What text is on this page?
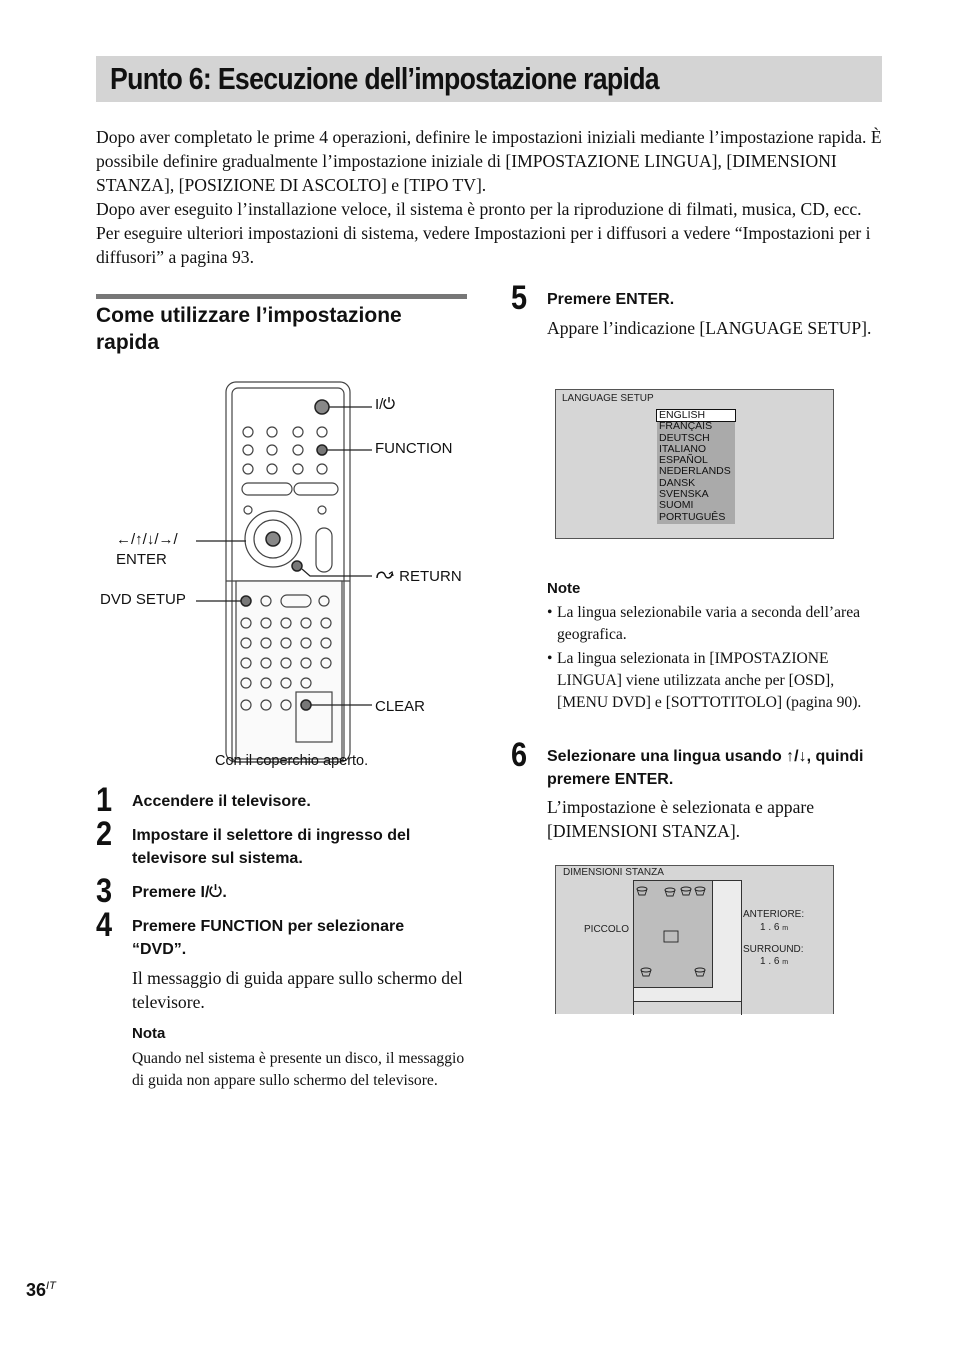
Punto 6: Esecuzione dell’impostazione rapida

Dopo aver completato le prime 4 operazioni, definire le impostazioni iniziali mediante l’impostazione rapida. È possibile definire gradualmente l’impostazione iniziale di [IMPOSTAZIONE LINGUA], [DIMENSIONI STANZA], [POSIZIONE DI ASCOLTO] e [TIPO TV].

Dopo aver eseguito l’installazione veloce, il sistema è pronto per la riproduzione di filmati, musica, CD, ecc. Per eseguire ulteriori impostazioni di sistema, vedere Impostazioni per i diffusori a vedere “Impostazioni per i diffusori” a pagina 93.

Come utilizzare l’impostazione rapida
I/
FUNCTION
←/↑/↓/→/
ENTER
RETURN
DVD SETUP
CLEAR
Con il coperchio aperto.
1 Accendere il televisore.
2 Impostare il selettore di ingresso del televisore sul sistema.
3 Premere I/ .
4 Premere FUNCTION per selezionare “DVD”.
Il messaggio di guida appare sullo schermo del televisore.
Nota
Quando nel sistema è presente un disco, il messaggio di guida non appare sullo schermo del televisore.
5 Premere ENTER.
Appare l’indicazione [LANGUAGE SETUP].
LANGUAGE SETUP
ENGLISH
FRANÇAIS
DEUTSCH
ITALIANO
ESPAÑOL
NEDERLANDS
DANSK
SVENSKA
SUOMI
PORTUGUÊS
Note
• La lingua selezionabile varia a seconda dell’area geografica.
• La lingua selezionata in [IMPOSTAZIONE LINGUA] viene utilizzata anche per [OSD], [MENU DVD] e [SOTTOTITOLO] (pagina 90).
6 Selezionare una lingua usando ↑/↓, quindi premere ENTER.
L’impostazione è selezionata e appare [DIMENSIONI STANZA].
DIMENSIONI STANZA
PICCOLO
ANTERIORE:
1 . 6 m
SURROUND:
1 . 6 m
$36^{IT}$
